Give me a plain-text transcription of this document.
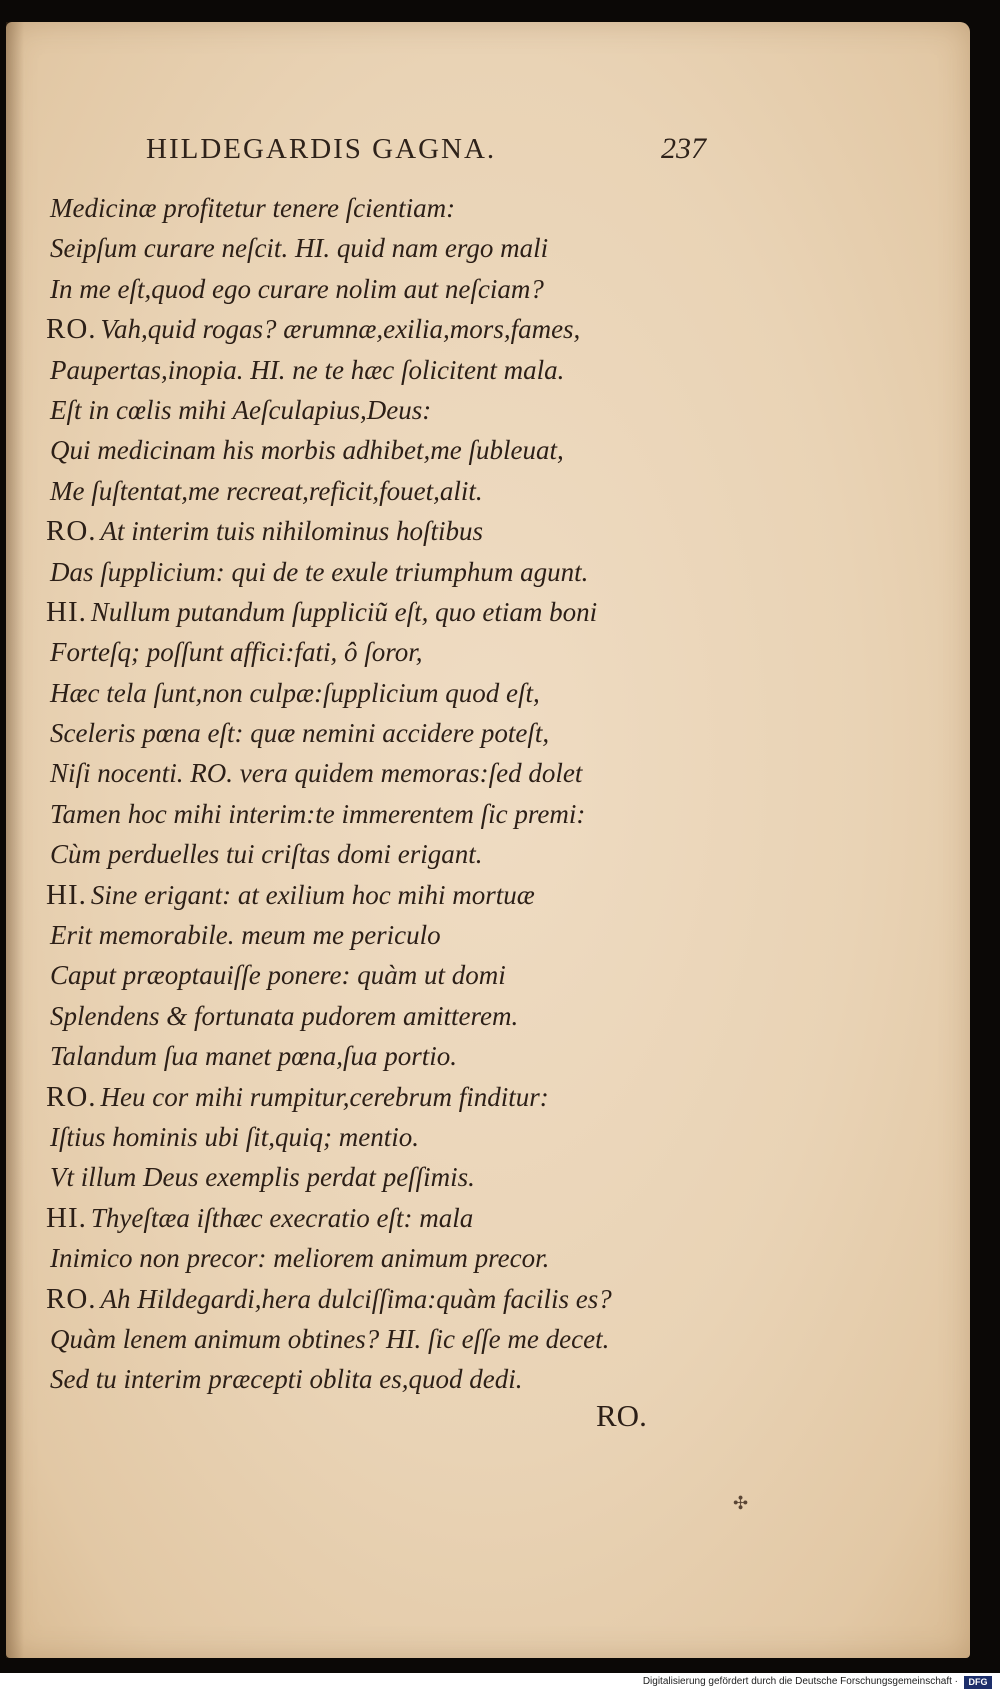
HILDEGARDIS GAGNA.	237
Medicinæ profitetur tenere ſcientiam:
Seipſum curare neſcit. HI. quid nam ergo mali
In me eſt,quod ego curare nolim aut neſciam?
RO. Vah,quid rogas? ærumnæ,exilia,mors,fames,
Paupertas,inopia. HI. ne te hæc ſolicitent mala.
Eſt in cœlis mihi Aeſculapius,Deus:
Qui medicinam his morbis adhibet,me ſubleuat,
Me ſuſtentat,me recreat,reficit,fouet,alit.
RO. At interim tuis nihilominus hoſtibus
Das ſupplicium: qui de te exule triumphum agunt.
HI. Nullum putandum ſuppliciũ eſt, quo etiam boni
Forteſq; poſſunt affici:fati, ô ſoror,
Hæc tela ſunt,non culpæ:ſupplicium quod eſt,
Sceleris pœna eſt: quæ nemini accidere poteſt,
Niſi nocenti. RO. vera quidem memoras:ſed dolet
Tamen hoc mihi interim:te immerentem ſic premi:
Cùm perduelles tui criſtas domi erigant.
HI. Sine erigant: at exilium hoc mihi mortuæ
Erit memorabile. meum me periculo
Caput præoptauiſſe ponere: quàm ut domi
Splendens & fortunata pudorem amitterem.
Talandum ſua manet pœna,ſua portio.
RO. Heu cor mihi rumpitur,cerebrum finditur:
Iſtius hominis ubi ſit,quiq; mentio.
Vt illum Deus exemplis perdat peſſimis.
HI. Thyeſtæa iſthæc execratio eſt: mala
Inimico non precor: meliorem animum precor.
RO. Ah Hildegardi,hera dulciſſima:quàm facilis es?
Quàm lenem animum obtines? HI. ſic eſſe me decet.
Sed tu interim præcepti oblita es,quod dedi.
RO.
✣
Digitalisierung gefördert durch die Deutsche Forschungsgemeinschaft ·	DFG
